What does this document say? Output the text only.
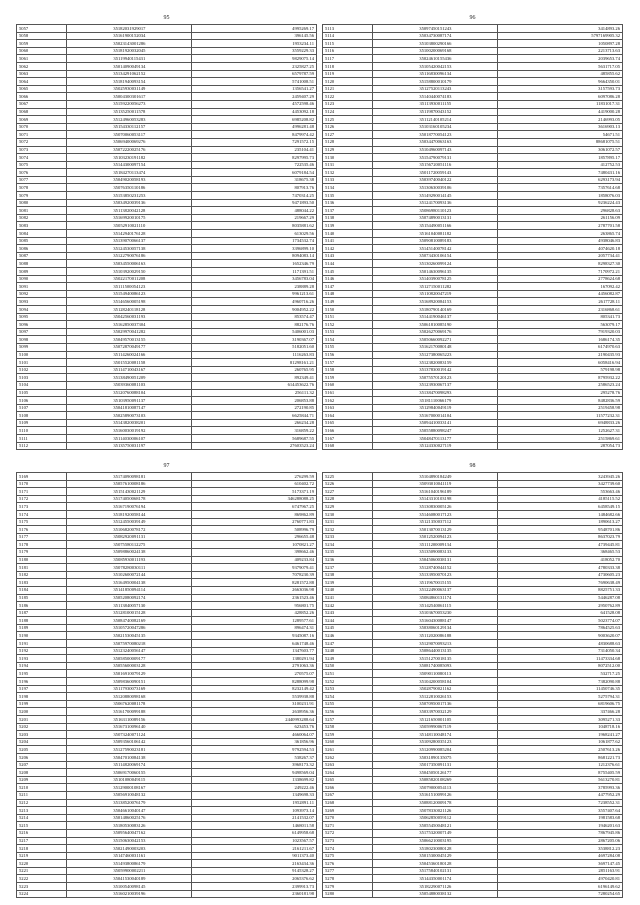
95
5057	35182031929017	4995269.17
5058	35161900152034	396145.56
5059	35023143001286	1953234.11
5060	35181920032045	3559229.33
5061	35119940115431	9829075.14
5062	35014090049134	2325827.25
5063	35134291062152	6579787.59
5064	35181940093154	5741008.51
5065	35025930031149	1356541.27
5066	35004300301617	2459407.29
5067	35159220056273	4572598.46
5068	35135250011578	4453092.18
5069	35124960053283	6985208.82
5070	35154330112157	4996281.48
5071	35070060053117	8479974.42
5072	35069400069276	7291572.15
5073	35072220025176	235104.41
5074	35103230191182	8297995.73
5075	35144300097154	722535.46
5076	35184270113474	6079184.54
5077	35049020058193	318675.38
5078	35076350110186	807913.76
5079	35153850231253	7470314.25
5080	35034920039136	9471893.50
5081	35113820042128	488044.22
5082	35169920010175	219667.29
5083	35052910021110	8035881.62
5084	35142940176128	613029.56
5085	35139070066137	1734532.74
5086	35124530057138	3396899.10
5087	35122790076186	8094083.14
5088	35034550006163	1652346.79
5089	35103920029150	1171391.51
5090	35022170011208	3456783.04
5091	35111500054123	238889.28
5092	35154940086123	9961213.61
5093	35146560005198	4960716.26
5094	35128240118128	9004952.22
5095	35042560031193	853574.47
5096	35162850037304	882176.76
5097	35029970041282	5406001.03
5098	35049570013155	3190367.07
5099	35072870049177	5182051.60
5100	35114260024166	1116263.83
5101	35015520081158	81298161.21
5102	35114710043167	260765.95
5103	35138490051209	892349.41
5104	35039360081103	614453622.76
5105	35120760088104	256111.32
5106	35103950091137	206853.88
5107	35041810087147	272190.85
5108	35025890073103	6625844.71
5109	35143820038201	266234.28
5110	35160030019192	316859.22
5111	35114030006107	5689687.55
5112	35135750031197	27603523.24
96
5113	35097450151243	3414893.26
5114	35034730087174	5797169905.32
5115	35103800290166	1050897.28
5116	35100200069168	2213713.63
5117	35024610155436	2039653.74
5118	35105420042153	5631717.05
5119	35116830096134	485855.62
5120	35158800010179	9664350.01
5121	35127520113243	3157593.73
5122	35140440074183	6097086.28
5123	35113930011155	11831017.31
5124	35119870043152	4419000.28
5125	35112140105214	2146993.05
5126	35103160105234	3616903.13
5127	35018770054123	54671.51
5128	35034470063163	88681075.51
5129	35104960097143	3061072.57
5130	35154790079131	1857895.17
5131	35156720051116	412752.53
5132	35011720059143	7480431.16
5133	35039740040122	6293173.94
5134	35130630039106	7357614.68
5135	35149290014145	1858076.03
5136	35124170093136	9236224.43
5137	35086980110123	296828.63
5138	35074890013131	261156.09
5139	35154490051166	2787701.58
5140	35161040081182	263865.74
5141	35090810089183	4938046.83
5142	35145140078142	4074620.18
5143	35073430106154	2057734.41
5144	35130260099124	8298327.30
5145	35014630096135	7170972.21
5146	35140390078125	2778624.68
5147	35127150011282	167092.42
5148	35110820047219	4456082.87
5149	35168920084153	2617728.11
5150	35180790140169	2316868.61
5151	35144190046137	805341.73
5152	35061810085190	563079.17
5153	35026270069176	7919320.03
5154	35050660092271	1686174.35
5155	35162170080148	6174970.63
5156	35127380065223	2190435.93
5157	35123820083159	6058416.94
5158	35137830019142	579198.98
5159	35075570120123	8795932.22
5160	35123930067137	2586523.24
5161	35138470098293	295278.76
5162	35181110066179	8482836.59
5163	35129840049119	2519458.98
5164	35167000014104	11577232.31
5165	35094410033141	6948833.26
5166	35055880098247	1252627.31
5167	35048470113177	2515869.61
5168	35124330027119	287054.73
97
5169	35174090098181	276299.59
5170	35057610008186	610402.72
5171	35151430021129	5173371.19
5172	35174050068178	346288088.25
5173	35167190076194	6747967.25
5174	35181920058144	869862.89
5175	35124550039149	2760771.83
5176	35106820078172	508996.79
5177	35082920091131	296655.48
5178	35075580112275	1070821.27
5179	35098860024138	398662.46
5180	35085930011193	409233.84
5181	35078280030111	9379079.41
5182	35102600072144	7078230.39
5183	35164950004138	8281572.88
5184	35141850094114	2663036.98
5185	35052080092174	2361523.46
5186	35113840057130	956801.75
5187	35128100015128	428852.26
5188	35084740082169	1289577.61
5189	35105720047286	896474.31
5190	35021530045135	9345087.16
5191	35075970080218	6461748.46
5192	35123240056147	1347603.77
5193	35058500009177	1380291.94
5194	35055600003128	2791063.36
5195	35016910079129	270575.07
5196	35098360090151	8288099.98
5197	35117930073169	8232149.42
5198	35120880098168	5539938.88
5199	35067620081178	3100231.91
5200	35161700099188	2638956.36
5201	35163110089156	2440993288.64
5202	35167310096140	623453.76
5203	35073240071124	4660064.07
5204	35093560106142	361856.96
5205	35127590023181	9792594.53
5206	35047010084138	538267.37
5207	35114820069174	3968173.32
5208	35069170060155	9498569.04
5209	35101080049115	1338699.82
5210	35129000108167	249222.46
5211	35056910048132	1349698.33
5212	35138520076179	1952891.11
5213	35046610040147	1093973.14
5214	35014860025176	2141532.07
5215	35180530083126	1468011.58
5216	35095640047162	6149958.68
5217	35150630042153	1023567.57
5218	35021490003203	2161211.67
5219	35147460031161	9011373.40
5220	35149380086179	2163434.36
5221	35059900002211	9145328.27
5222	35041530040189	2065376.62
5223	35100540098145	2399913.73
5224	35160210039196	2360181.98
98
5225	35104890184249	3243945.26
5226	35093010041119	3427739.60
5227	35161040196189	553663.46
5228	35143310103198	4185115.52
5229	35130830005126	6458549.15
5230	35146080017123	1484682.66
5231	35121350037112	1890613.27
5232	35013070013129	9548701.86
5233	35012520094123	8637023.79
5234	35111200009134	4739445.81
5235	35135090083133	368465.53
5236	35045060038131	418052.70
5237	35128740044152	4780333.38
5238	35133950070123	4730605.23
5239	35119670015155	7690638.49
5240	35122490063137	8825751.33
5241	35084860131174	5446287.08
5242	35142540061115	2950762.89
5243	35103670053230	641528.08
5244	35160430088147	5023774.07
5245	35038060129134	7864525.63
5246	35112020086188	9003620.07
5247	35129070093213	4830688.63
5248	35086440013135	7314050.34
5249	35151270018135	11473334.68
5250	35081740085093	8072512.00
5251	35090110080113	532717.25
5252	35104200058104	7382090.88
5253	35028790021162	11450746.35
5254	35122810026153	5275794.31
5255	35070950017136	6819606.75
5256	35033970032129	337466.28
5257	35121650001105	3095271.33
5258	35059990067119	1048718.16
5259	35148110048174	1968241.27
5260	35109280035123	1061877.62
5261	35120990085204	2507613.26
5262	35031890135075	8681221.73
5263	35017350091131	1212376.61
5264	35045050126177	8755405.59
5265	35085820108269	5613270.81
5266	35079000054113	3785993.36
5267	35161510099126	4477952.29
5268	35088120009178	7238552.31
5269	35078330021126	3557407.64
5270	35062850059112	1981583.68
5271	35055450048121	1946201.63
5272	35175320007149	7867945.86
5273	35066210003195	2867205.06
5274	35180230080128	3538812.23
5275	35015300045129	4697284.08
5276	35045360180128	3697147.45
5277	35175840102131	2851163.91
5278	35144350001174	4970420.81
5279	35182290071126	6196149.62
5280	35054880038132	7280254.65
